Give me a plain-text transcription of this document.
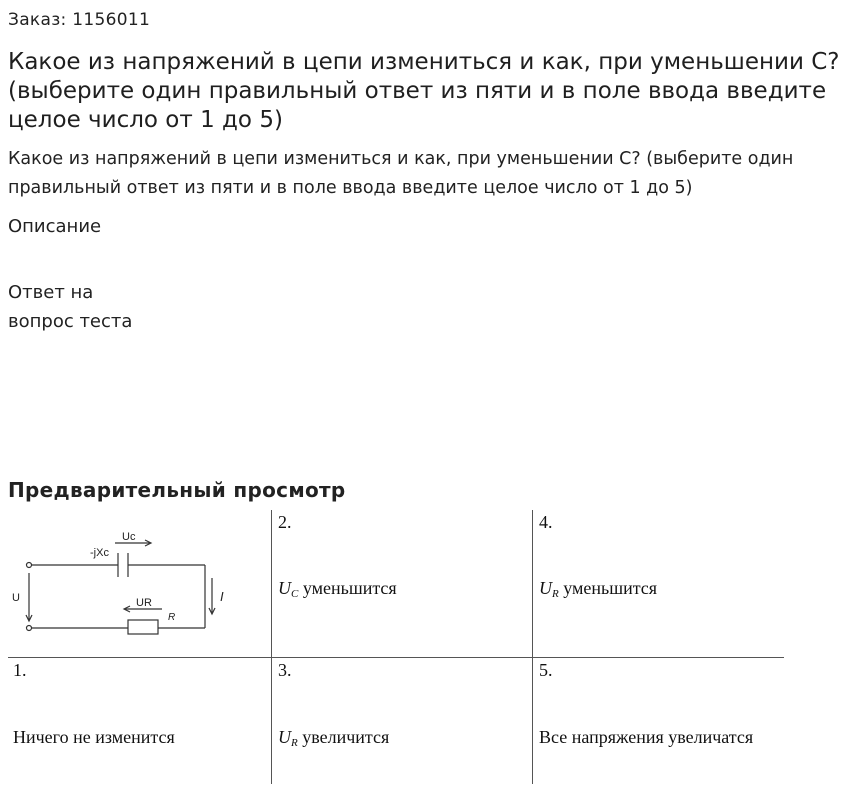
Заказ: 1156011
Какое из напряжений в цепи измениться и как, при уменьшении С? (выберите один правильный ответ из пяти и в поле ввода введите целое число от 1 до 5)
Какое из напряжений в цепи измениться и как, при уменьшении С? (выберите один правильный ответ из пяти и в поле ввода введите целое число от 1 до 5)
Описание
Ответ на
вопрос теста
Предварительный просмотр
Uc
-jXc
UR
R
U	I
2.
UC уменьшится
4.
UR уменьшится
1.
Ничего не изменится
3.
UR увеличится
5.
Все напряжения увеличатся
